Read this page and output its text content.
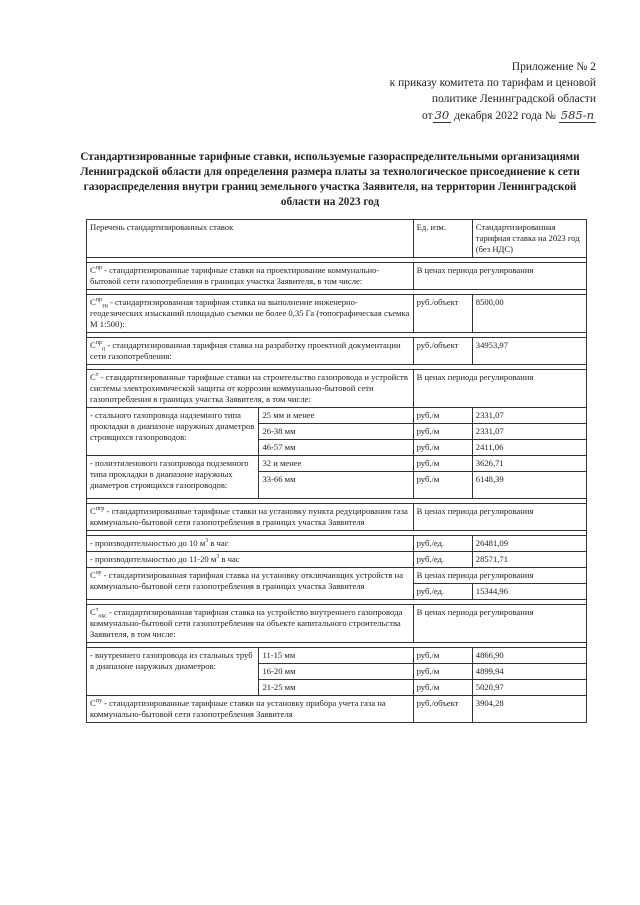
Приложение № 2
к приказу комитета по тарифам и ценовой
политике Ленинградской области
от 30 декабря 2022 года № 585-п
Стандартизированные тарифные ставки, используемые газораспределительными организациями Ленинградской области для определения размера платы за технологическое присоединение к сети газораспределения внутри границ земельного участка Заявителя, на территории Ленинградской области на 2023 год
Перечень стандартизированных ставок		Ед. изм.	Стандартизированная тарифная ставка на 2023 год (без НДС)

$С^{пр}$ - стандартизированные тарифные ставки на проектирование коммунально-бытовой сети газопотребления в границах участка Заявителя, в том числе:		В ценах периода регулирования	

$С^{пр}_{ти}$ - стандартизированная тарифная ставка на выполнение инженерно-геодезических изысканий площадью съемки не более 0,35 Га (топографическая съемка М 1:500):		руб./объект	8500,00

$С^{пр}_п$ - стандартизированная тарифная ставка на разработку проектной документации сети газопотребления:		руб./объект	34953,97

$С^т$ - стандартизированные тарифные ставки на строительство газопровода и устройств системы электрохимической защиты от коррозии коммунально-бытовой сети газопотребления в границах участка Заявителя, в том числе:		В ценах периода регулирования	
- стального газопровода надземного типа прокладки в диапазоне наружных диаметров строящихся газопроводов:	25 мм и менее	руб./м	2331,07
	26-38 мм	руб./м	2331,07
	46-57 мм	руб./м	2411,06
- полиэтиленового газопровода подземного типа прокладки в диапазоне наружных диаметров строящихся газопроводов:	32 и менее	руб./м	3626,71
	33-66 мм	руб./м	6148,39

$С^{пгр}$ - стандартизированные тарифные ставки на установку пункта редуцирования газа коммунально-бытовой сети газопотребления в границах участка Заявителя		В ценах периода регулирования	

- производительностью до 10 $м^3$ в час		руб./ед.	26481,09
- производительностью до 11-20 $м^3$ в час		руб./ед.	28571,71
$С^{оу}$ - стандартизированная тарифная ставка на установку отключающих устройств на коммунально-бытовой сети газопотребления в границах участка Заявителя		В ценах периода регулирования	
		руб./ед.	15344,96

$С^т_{окс}$ - стандартизированная тарифная ставка на устройство внутреннего газопровода коммунально-бытовой сети газопотребления на объекте капитального строительства Заявителя, в том числе:		В ценах периода регулирования	

- внутреннего газопровода из стальных труб в диапазоне наружных диаметров:	11-15 мм	руб./м	4866,90
	16-20 мм	руб./м	4899,94
	21-25 мм	руб./м	5020,97
$С^{пу}$ - стандартизированные тарифные ставки на установку прибора учета газа на коммунально-бытовой сети газопотребления Заявителя		руб./объект	3904,28
